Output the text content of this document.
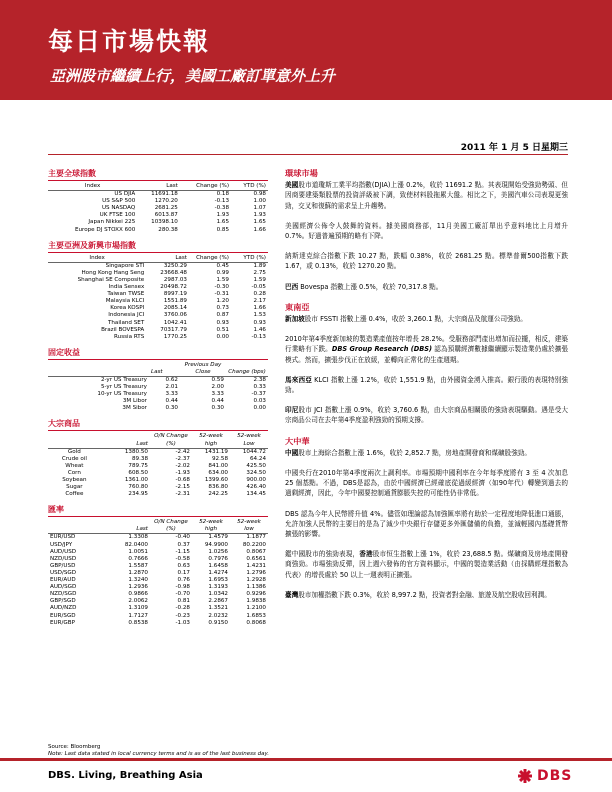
每日市場快報
亞洲股市繼續上行，美國工廠訂單意外上升
2011 年 1 月 5 日星期三
主要全球指數
Index	Last	Change (%)	YTD (%)
US DJIA	11691.18	0.18	0.98
US S&P 500	1270.20	-0.13	1.00
US NASDAQ	2681.25	-0.38	1.07
UK FTSE 100	6013.87	1.93	1.93
Japan Nikkei 225	10398.10	1.65	1.65
Europe DJ STOXX 600	280.38	0.85	1.66
主要亞洲及新興市場指數
Index	Last	Change (%)	YTD (%)
Singapore STI	3250.29	0.45	1.89
Hong Kong Hang Seng	23668.48	0.99	2.75
Shanghai SE Composite	2987.03	1.59	1.59
India Sensex	20498.72	-0.30	-0.05
Taiwan TWSE	8997.19	-0.31	0.28
Malaysia KLCI	1551.89	1.20	2.17
Korea KOSPI	2085.14	0.73	1.66
Indonesia JCI	3760.06	0.87	1.53
Thailand SET	1042.41	0.93	0.93
Brazil BOVESPA	70317.79	0.51	1.46
Russia RTS	1770.25	0.00	-0.13
固定收益
	Last	Previous Day Close	Change (bps)
2-yr US Treasury	0.62	0.59	2.38
5-yr US Treasury	2.01	2.00	0.33
10-yr US Treasury	3.33	3.33	-0.37
3M Libor	0.44	0.44	0.03
3M Sibor	0.30	0.30	0.00
大宗商品
	Last	O/N Change (%)	52-week high	52-week Low
Gold	1380.50	-2.42	1431.19	1044.72
Crude oil	89.38	-2.37	92.58	64.24
Wheat	789.75	-2.02	841.00	425.50
Corn	608.50	-1.93	634.00	324.50
Soybean	1361.00	-0.68	1399.60	900.00
Sugar	760.80	-2.15	836.80	426.40
Coffee	234.95	-2.31	242.25	134.45
匯率
	Last	O/N Change (%)	52-week high	52-week low
EUR/USD	1.3308	-0.40	1.4579	1.1877
USD/JPY	82.0400	0.37	94.9900	80.2200
AUD/USD	1.0051	-1.15	1.0256	0.8067
NZD/USD	0.7666	-0.58	0.7976	0.6561
GBP/USD	1.5587	0.63	1.6458	1.4231
USD/SGD	1.2870	0.17	1.4274	1.2796
EUR/AUD	1.3240	0.76	1.6953	1.2928
AUD/SGD	1.2936	-0.98	1.3193	1.1386
NZD/SGD	0.9866	-0.70	1.0342	0.9296
GBP/SGD	2.0062	0.81	2.2867	1.9838
AUD/NZD	1.3109	-0.28	1.3521	1.2100
EUR/SGD	1.7127	-0.23	2.0232	1.6853
EUR/GBP	0.8538	-1.03	0.9150	0.8068
Source: Bloomberg
Note: Last data stated in local currency terms and is as of the last business day.
環球市場

美國股市道瓊斯工業平均指數(DJIA)上漲 0.2%，收於 11691.2 點。其表現開始受強勁勢頭、但因商要建築類股票的投資評級被下調，致使材料股拖累大盤。相比之下，美國汽車公司表現更強勁，交叉和復蘇的需求呈上升趨勢。

美國經濟公佈令人鼓舞的資料。據美國商務部，11月美國工廠訂單出乎意料地比上月增升 0.7%。好過普遍預期的略有下降。

納斯達克綜合指數下跌 10.27 點，跌幅 0.38%，收於 2681.25 點。標準普爾500指數下跌 1.67，或 0.13%，收於 1270.20 點。

巴西 Bovespa 指數上漲 0.5%，收於 70,317.8 點。

東南亞

新加坡股市 FSSTI 指數上漲 0.4%，收於 3,260.1 點，大宗商品及航運公司強勁。

2010年第4季度新加坡的製造業產值按年增長 28.2%。受服務部門產出增加而拉攏，相反，建築行業略有下跌。DBS Group Research (DBS) 認為預購經濟數據繼續顯示製造業仍處於擴張模式。然而，擴張步伐正在放緩，並轉向正常化的生產週期。

馬來西亞 KLCI 指數上漲 1.2%，收於 1,551.9 點，由外國資金湧入推高。銀行股的表現特別強勁。

印尼股市 JCI 指數上漲 0.9%，收於 3,760.6 點，由大宗商品相關股的強勁表現驅動。遇是受大宗商品公司在去年第4季度盈利強勁的預期支撐。

大中華

中國股市上海綜合指數上漲 1.6%，收於 2,852.7 點，房地產開發商和煤礦股強勁。

中國央行在2010年第4季度兩次上調利率。市場預期中國利率在今年每季度將有 3 至 4 次加息 25 個基點。不過，DBS是認為，由於中國經濟已經確底從過緩經濟（如90年代）轉變到過去的過剩經濟，因此，今年中國要控制通貨膨脹失控的可能性仍非常低。

DBS 認為今年人民幣將升值 4%。儘管如理論認為加強匯率將有助於一定程度地降低進口通脹，允許加強人民幣的主要目的是為了減少中央銀行存儲更多外匯儲備的負擔，並減輕國內基礎貨幣擴張的影響。

鑑中國股市的強勁表現，香港股市恒生指數上漲 1%，收於 23,688.5 點。煤礦商及房地產開發商強勁。市場強勁反彈，因上週六發佈的官方資料顯示，中國的製造業活動（由採購經理指數為代表）的增長處於 50 以上一週表明正擴張。

臺灣股市加權指數下跌 0.3%，收於 8,997.2 點，投資者對金融、旅遊及航空股收回利潤。

DBS. Living, Breathing Asia	DBS
